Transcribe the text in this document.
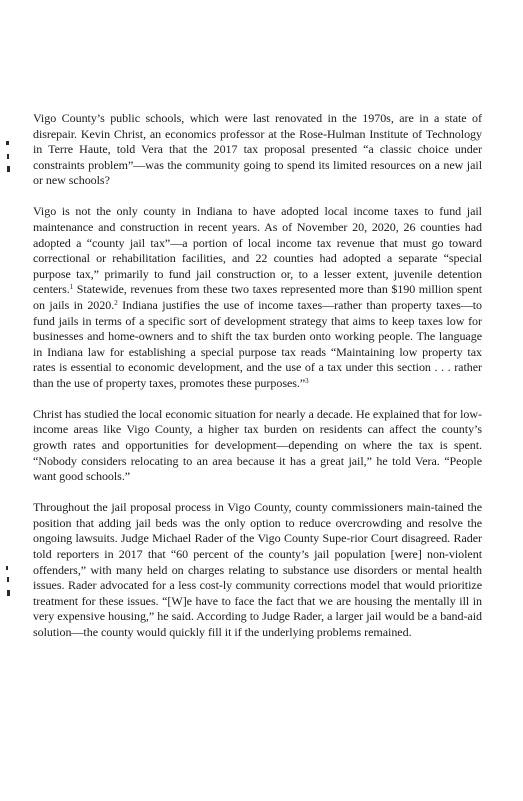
Vigo County’s public schools, which were last renovated in the 1970s, are in a state of disrepair. Kevin Christ, an economics professor at the Rose-Hulman Institute of Technology in Terre Haute, told Vera that the 2017 tax proposal presented “a classic choice under constraints problem”—was the community going to spend its limited resources on a new jail or new schools?

Vigo is not the only county in Indiana to have adopted local income taxes to fund jail maintenance and construction in recent years. As of November 20, 2020, 26 counties had adopted a “county jail tax”—a portion of local income tax revenue that must go toward correctional or rehabilitation facilities, and 22 counties had adopted a separate “special purpose tax,” primarily to fund jail construction or, to a lesser extent, juvenile detention centers.$^1$ Statewide, revenues from these two taxes represented more than $190 million spent on jails in 2020.$^2$ Indiana justifies the use of income taxes—rather than property taxes—to fund jails in terms of a specific sort of development strategy that aims to keep taxes low for businesses and home-owners and to shift the tax burden onto working people. The language in Indiana law for establishing a special purpose tax reads “Maintaining low property tax rates is essential to economic development, and the use of a tax under this section . . . rather than the use of property taxes, promotes these purposes.”$^3$

Christ has studied the local economic situation for nearly a decade. He explained that for low-income areas like Vigo County, a higher tax burden on residents can affect the county’s growth rates and opportunities for development—depending on where the tax is spent. “Nobody considers relocating to an area because it has a great jail,” he told Vera. “People want good schools.”

Throughout the jail proposal process in Vigo County, county commissioners main-tained the position that adding jail beds was the only option to reduce overcrowding and resolve the ongoing lawsuits. Judge Michael Rader of the Vigo County Supe-rior Court disagreed. Rader told reporters in 2017 that “60 percent of the county’s jail population [were] non-violent offenders,” with many held on charges relating to substance use disorders or mental health issues. Rader advocated for a less cost-ly community corrections model that would prioritize treatment for these issues. “[W]e have to face the fact that we are housing the mentally ill in very expensive housing,” he said. According to Judge Rader, a larger jail would be a band-aid solution—the county would quickly fill it if the underlying problems remained.
